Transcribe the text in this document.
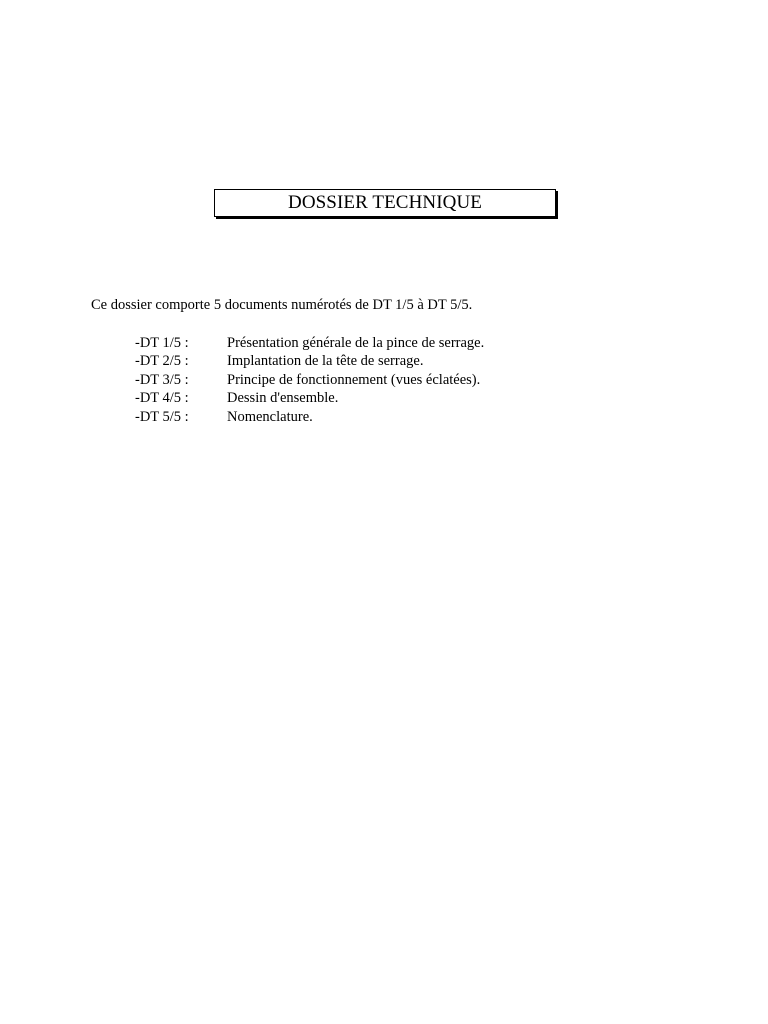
DOSSIER TECHNIQUE
Ce dossier comporte 5 documents numérotés de DT 1/5 à DT 5/5.
-DT 1/5 :	Présentation générale de la pince de serrage.
-DT 2/5 :	Implantation de la tête de serrage.
-DT 3/5 :	Principe de fonctionnement (vues éclatées).
-DT 4/5 :	Dessin d'ensemble.
-DT 5/5 :	Nomenclature.
